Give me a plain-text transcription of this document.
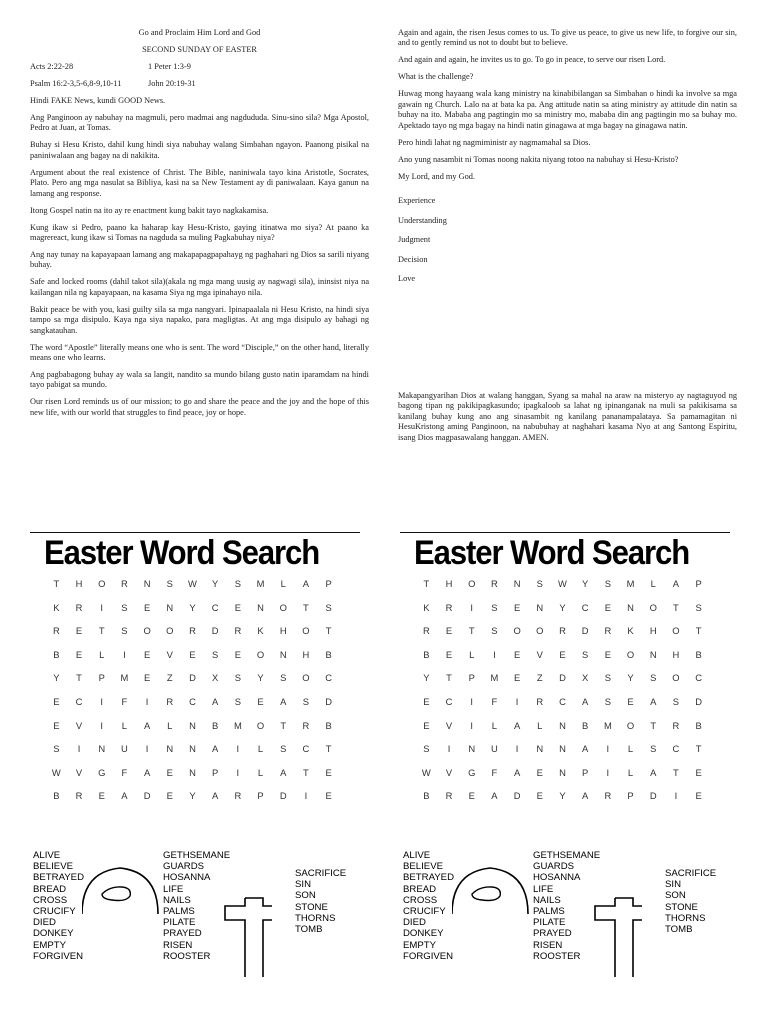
Go and Proclaim Him Lord and God

SECOND SUNDAY OF EASTER

Acts 2:22-28	1 Peter 1:3-9

Psalm 16:2-3,5-6,8-9,10-11	John 20:19-31

Hindi FAKE News, kundi GOOD News.

Ang Panginoon ay nabuhay na magmuli, pero madmai ang nagdududa. Sinu-sino sila? Mga Apostol, Pedro at Juan, at Tomas.

Buhay si Hesu Kristo, dahil kung hindi siya nabuhay walang Simbahan ngayon. Paanong pisikal na paniniwalaan ang bagay na di nakikita.

Argument about the real existence of Christ. The Bible, naniniwala tayo kina Aristotle, Socrates, Plato. Pero ang mga nasulat sa Bibliya, kasi na sa New Testament ay di paniwalaan. Kaya ganun na lamang ang response.

Itong Gospel natin na ito ay re enactment kung bakit tayo nagkakamisa.

Kung ikaw si Pedro, paano ka haharap kay Hesu-Kristo, gaying itinatwa mo siya? At paano ka magrereact, kung ikaw si Tomas na nagduda sa muling Pagkabuhay niya?

Ang nay tunay na kapayapaan lamang ang makapapagpapahayg ng paghahari ng Dios sa sarili niyang buhay.

Safe and locked rooms (dahil takot sila)(akala ng mga mang uusig ay nagwagi sila), ininsist niya na kailangan nila ng kapayapaan, na kasama Siya ng mga ipinahayo nila.

Bakit peace be with you, kasi guilty sila sa mga nangyari. Ipinapaalala ni Hesu Kristo, na hindi siya tampo sa mga disipulo. Kaya nga siya napako, para magligtas. At ang mga disipulo ay bahagi ng sangkatauhan.

The word “Apostle” literally means one who is sent. The word “Disciple,” on the other hand, literally means one who learns.

Ang pagbabagong buhay ay wala sa langit, nandito sa mundo bilang gusto natin iparamdam na hindi tayo pabigat sa mundo.

Our risen Lord reminds us of our mission; to go and share the peace and the joy and the hope of this new life, with our world that struggles to find peace, joy or hope.

Again and again, the risen Jesus comes to us. To give us peace, to give us new life, to forgive our sin, and to gently remind us not to doubt but to believe.

And again and again, he invites us to go. To go in peace, to serve our risen Lord.

What is the challenge?

Huwag mong hayaang wala kang ministry na kinabibilangan sa Simbahan o hindi ka involve sa mga gawain ng Church. Lalo na at bata ka pa. Ang attitude natin sa ating ministry ay attitude din natin sa buhay na ito. Mababa ang pagtingin mo sa ministry mo, mababa din ang pagtingin mo sa buhay mo. Apektado tayo ng mga bagay na hindi natin ginagawa at mga bagay na ginagawa natin.

Pero hindi lahat ng nagmiministr ay nagmamahal sa Dios.

Ano yung nasambit ni Tomas noong nakita niyang totoo na nabuhay si Hesu-Kristo?

My Lord, and my God.

Experience

Understanding

Judgment

Decision

Love

Makapangyarihan Dios at walang hanggan, Syang sa mahal na araw na misteryo ay nagtaguyod ng bagong tipan ng pakikipagkasundo; ipagkaloob sa lahat ng ipinanganak na muli sa pakikisama sa kanilang buhay kung ano ang sinasambit ng kanilang pananampalataya. Sa pamamagitan ni HesuKristong aming Panginoon, na nabubuhay at naghahari kasama Nyo at ang Santong Espiritu, isang Dios magpasawalang hanggan. AMEN.
Easter Word Search
T	H	O	R	N	S	W	Y	S	M	L	A	P
K	R	I	S	E	N	Y	C	E	N	O	T	S
R	E	T	S	O	O	R	D	R	K	H	O	T
B	E	L	I	E	V	E	S	E	O	N	H	B
Y	T	P	M	E	Z	D	X	S	Y	S	O	C
E	C	I	F	I	R	C	A	S	E	A	S	D
E	V	I	L	A	L	N	B	M	O	T	R	B
S	I	N	U	I	N	N	A	I	L	S	C	T
W	V	G	F	A	E	N	P	I	L	A	T	E
B	R	E	A	D	E	Y	A	R	P	D	I	E
ALIVE
BELIEVE
BETRAYED
BREAD
CROSS
CRUCIFY
DIED
DONKEY
EMPTY
FORGIVEN
GETHSEMANE
GUARDS
HOSANNA
LIFE
NAILS
PALMS
PILATE
PRAYED
RISEN
ROOSTER
SACRIFICE
SIN
SON
STONE
THORNS
TOMB
Easter Word Search
T	H	O	R	N	S	W	Y	S	M	L	A	P
K	R	I	S	E	N	Y	C	E	N	O	T	S
R	E	T	S	O	O	R	D	R	K	H	O	T
B	E	L	I	E	V	E	S	E	O	N	H	B
Y	T	P	M	E	Z	D	X	S	Y	S	O	C
E	C	I	F	I	R	C	A	S	E	A	S	D
E	V	I	L	A	L	N	B	M	O	T	R	B
S	I	N	U	I	N	N	A	I	L	S	C	T
W	V	G	F	A	E	N	P	I	L	A	T	E
B	R	E	A	D	E	Y	A	R	P	D	I	E
ALIVE
BELIEVE
BETRAYED
BREAD
CROSS
CRUCIFY
DIED
DONKEY
EMPTY
FORGIVEN
GETHSEMANE
GUARDS
HOSANNA
LIFE
NAILS
PALMS
PILATE
PRAYED
RISEN
ROOSTER
SACRIFICE
SIN
SON
STONE
THORNS
TOMB
